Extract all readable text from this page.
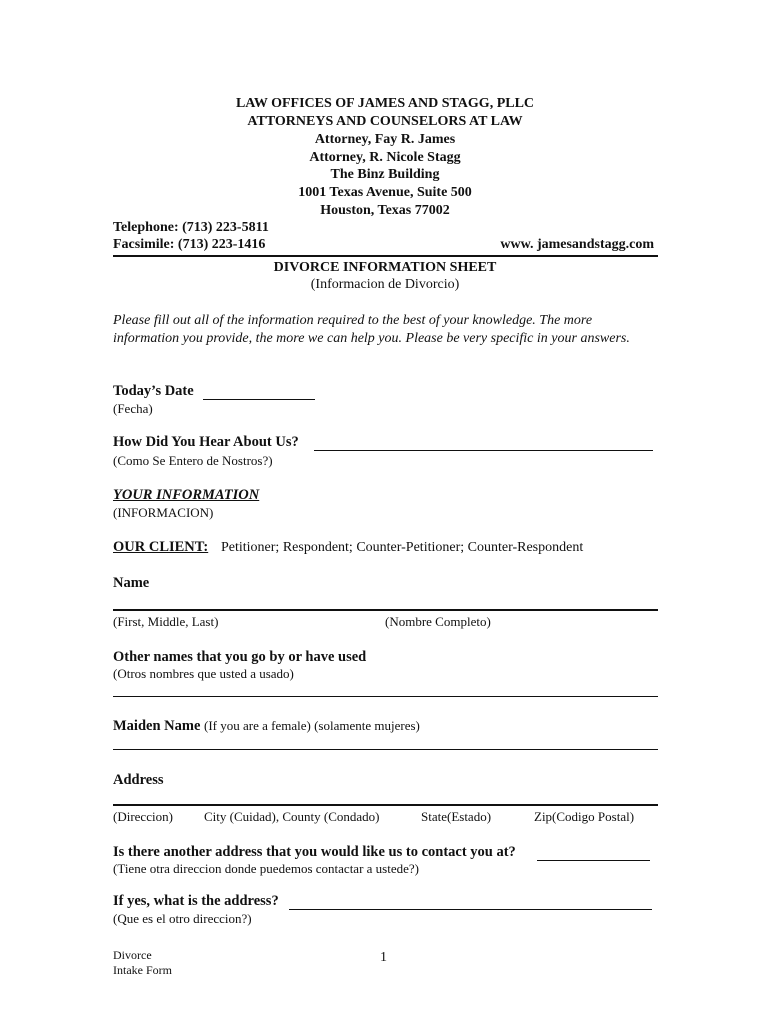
LAW OFFICES OF JAMES AND STAGG, PLLC
ATTORNEYS AND COUNSELORS AT LAW
Attorney, Fay R. James
Attorney, R. Nicole Stagg
The Binz Building
1001 Texas Avenue, Suite 500
Houston, Texas 77002
Telephone: (713) 223-5811
Facsimile: (713) 223-1416	www. jamesandstagg.com
DIVORCE INFORMATION SHEET
(Informacion de Divorcio)
Please fill out all of the information required to the best of your knowledge. The more information you provide, the more we can help you. Please be very specific in your answers.
Today’s Date
(Fecha)
How Did You Hear About Us?
(Como Se Entero de Nostros?)
YOUR INFORMATION
(INFORMACION)
OUR CLIENT: Petitioner; Respondent; Counter-Petitioner; Counter-Respondent
Name
(First, Middle, Last)	(Nombre Completo)
Other names that you go by or have used
(Otros nombres que usted a usado)
Maiden Name (If you are a female) (solamente mujeres)
Address
(Direccion) City (Cuidad), County (Condado)	State(Estado)	Zip(Codigo Postal)
Is there another address that you would like us to contact you at?
(Tiene otra direccion donde puedemos contactar a ustede?)
If yes, what is the address?
(Que es el otro direccion?)
Divorce
Intake Form
1
